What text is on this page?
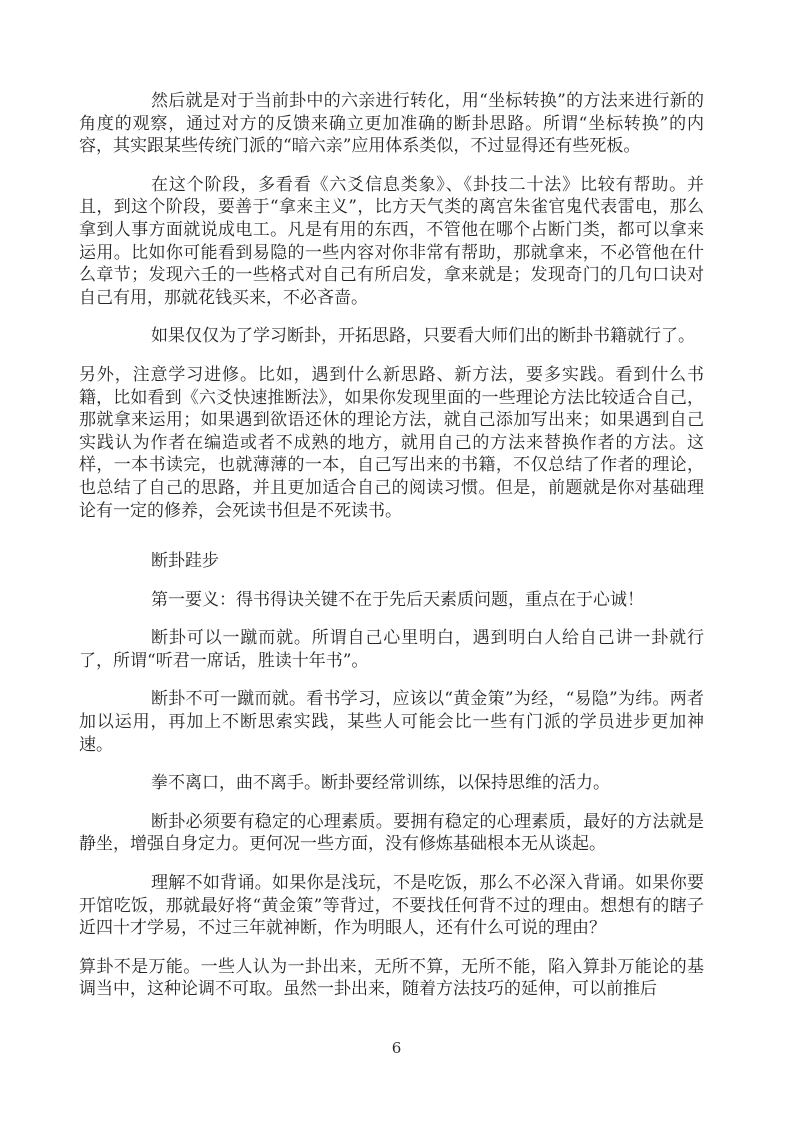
然后就是对于当前卦中的六亲进行转化，用“坐标转换”的方法来进行新的角度的观察，通过对方的反馈来确立更加准确的断卦思路。所谓“坐标转换”的内容，其实跟某些传统门派的“暗六亲”应用体系类似，不过显得还有些死板。

在这个阶段，多看看《六爻信息类象》、《卦技二十法》比较有帮助。并且，到这个阶段，要善于“拿来主义”，比方天气类的离宫朱雀官鬼代表雷电，那么拿到人事方面就说成电工。凡是有用的东西，不管他在哪个占断门类，都可以拿来运用。比如你可能看到易隐的一些内容对你非常有帮助，那就拿来，不必管他在什么章节；发现六壬的一些格式对自己有所启发，拿来就是；发现奇门的几句口诀对自己有用，那就花钱买来，不必吝啬。

如果仅仅为了学习断卦，开拓思路，只要看大师们出的断卦书籍就行了。

另外，注意学习进修。比如，遇到什么新思路、新方法，要多实践。看到什么书籍，比如看到《六爻快速推断法》，如果你发现里面的一些理论方法比较适合自己，那就拿来运用；如果遇到欲语还休的理论方法，就自己添加写出来；如果遇到自己实践认为作者在编造或者不成熟的地方，就用自己的方法来替换作者的方法。这样，一本书读完，也就薄薄的一本，自己写出来的书籍，不仅总结了作者的理论，也总结了自己的思路，并且更加适合自己的阅读习惯。但是，前题就是你对基础理论有一定的修养，会死读书但是不死读书。

断卦跬步

第一要义：得书得诀关键不在于先后天素质问题，重点在于心诚！

断卦可以一蹴而就。所谓自己心里明白，遇到明白人给自己讲一卦就行了，所谓“听君一席话，胜读十年书”。

断卦不可一蹴而就。看书学习，应该以“黄金策”为经，“易隐”为纬。两者加以运用，再加上不断思索实践，某些人可能会比一些有门派的学员进步更加神速。

拳不离口，曲不离手。断卦要经常训练，以保持思维的活力。

断卦必须要有稳定的心理素质。要拥有稳定的心理素质，最好的方法就是静坐，增强自身定力。更何况一些方面，没有修炼基础根本无从谈起。

理解不如背诵。如果你是浅玩，不是吃饭，那么不必深入背诵。如果你要开馆吃饭，那就最好将“黄金策”等背过，不要找任何背不过的理由。想想有的瞎子近四十才学易，不过三年就神断，作为明眼人，还有什么可说的理由？

算卦不是万能。一些人认为一卦出来，无所不算，无所不能，陷入算卦万能论的基调当中，这种论调不可取。虽然一卦出来，随着方法技巧的延伸，可以前推后

6
